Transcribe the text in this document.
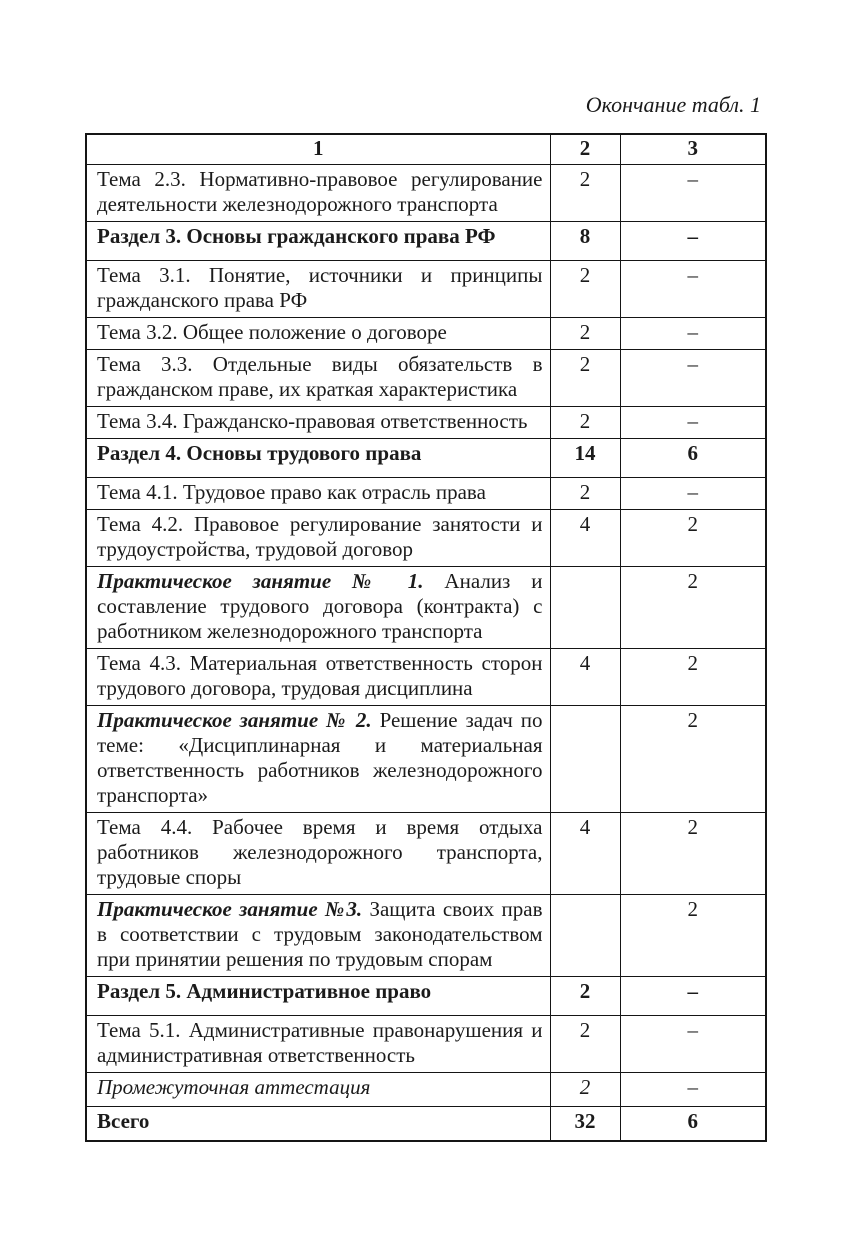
Окончание табл. 1
1	2	3
Тема 2.3. Нормативно-правовое регулирование деятельности железнодорожного транспорта	2	–
Раздел 3. Основы гражданского права РФ	8	–
Тема 3.1. Понятие, источники и принципы гражданского права РФ	2	–
Тема 3.2. Общее положение о договоре	2	–
Тема 3.3. Отдельные виды обязательств в гражданском праве, их краткая характеристика	2	–
Тема 3.4. Гражданско-правовая ответственность	2	–
Раздел 4. Основы трудового права	14	6
Тема 4.1. Трудовое право как отрасль права	2	–
Тема 4.2. Правовое регулирование занятости и трудоустройства, трудовой договор	4	2
Практическое занятие № 1. Анализ и составление трудового договора (контракта) с работником железнодорожного транспорта		2
Тема 4.3. Материальная ответственность сторон трудового договора, трудовая дисциплина	4	2
Практическое занятие № 2. Решение задач по теме: «Дисциплинарная и материальная ответственность работников железнодорожного транспорта»		2
Тема 4.4. Рабочее время и время отдыха работников железнодорожного транспорта, трудовые споры	4	2
Практическое занятие №3. Защита своих прав в соответствии с трудовым законодательством при принятии решения по трудовым спорам		2
Раздел 5. Административное право	2	–
Тема 5.1. Административные правонарушения и административная ответственность	2	–
Промежуточная аттестация	2	–
Всего	32	6
